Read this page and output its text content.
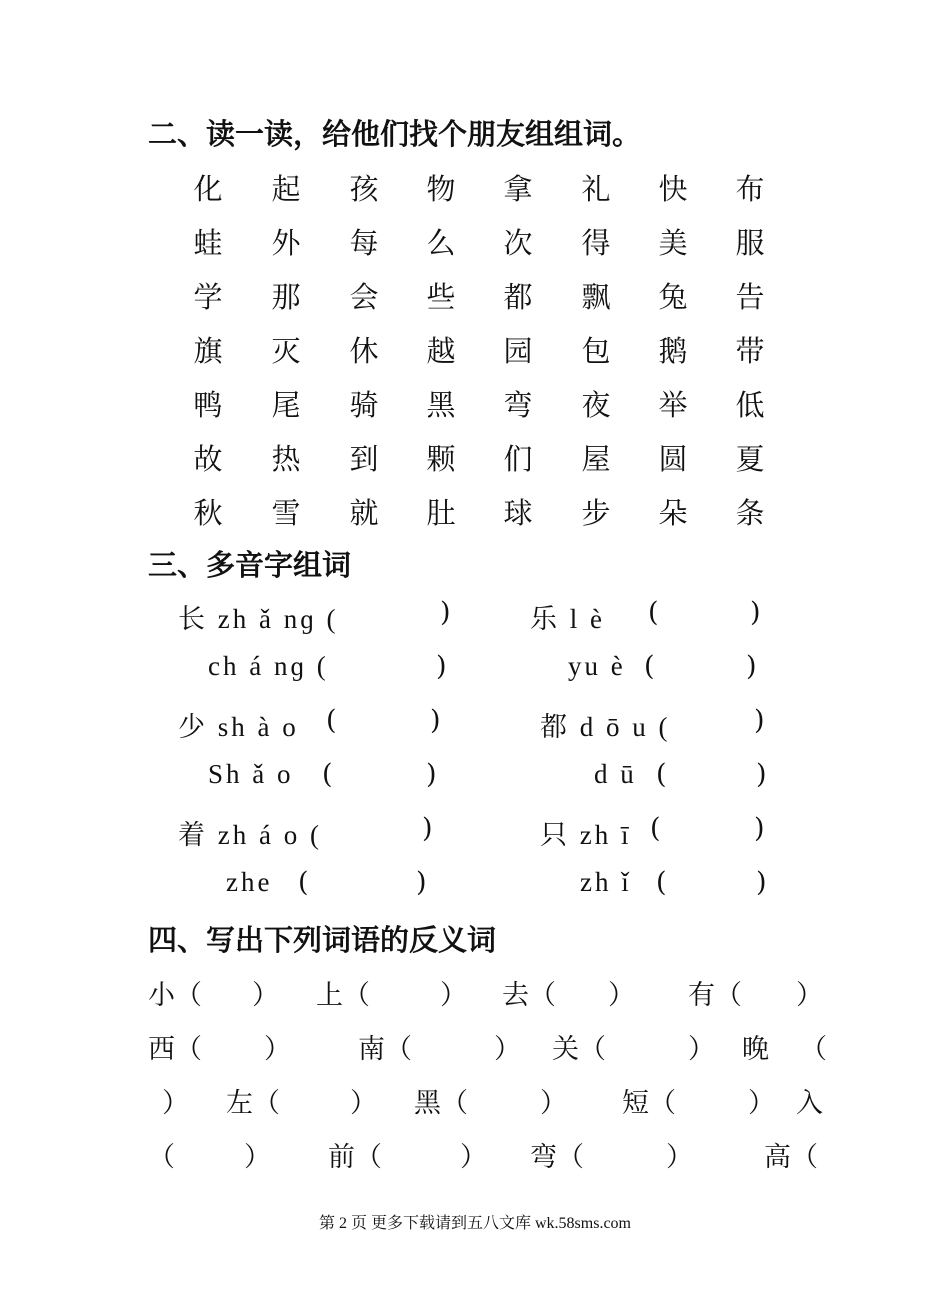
二、读一读，给他们找个朋友组组词。
化 起 孩 物 拿 礼 快 布
蛙 外 每 么 次 得 美 服
学 那 会 些 都 飘 兔 告
旗 灭 休 越 园 包 鹅 带
鸭 尾 骑 黑 弯 夜 举 低
故 热 到 颗 们 屋 圆 夏
秋 雪 就 肚 球 步 朵 条
三、多音字组词
长 zh ǎ nɡ (	)	乐 l è (	)
ch á nɡ (	)	yu è (	)
少 sh à o (	)	都 d ō u (	)
Sh ǎ o (	)	d ū (	)
着 zh á o (	)	只 zh ī (	)
zhe (	)	zh ǐ (	)
四、写出下列词语的反义词
小（ ） 上（	） 去（ ） 有（ ）
西（ ） 南（	） 关（	） 晚 （
） 左（	） 黑（	） 短（	） 入
（	） 前（	） 弯（	）	高（
第 2 页 更多下载请到五八文库 wk.58sms.com
